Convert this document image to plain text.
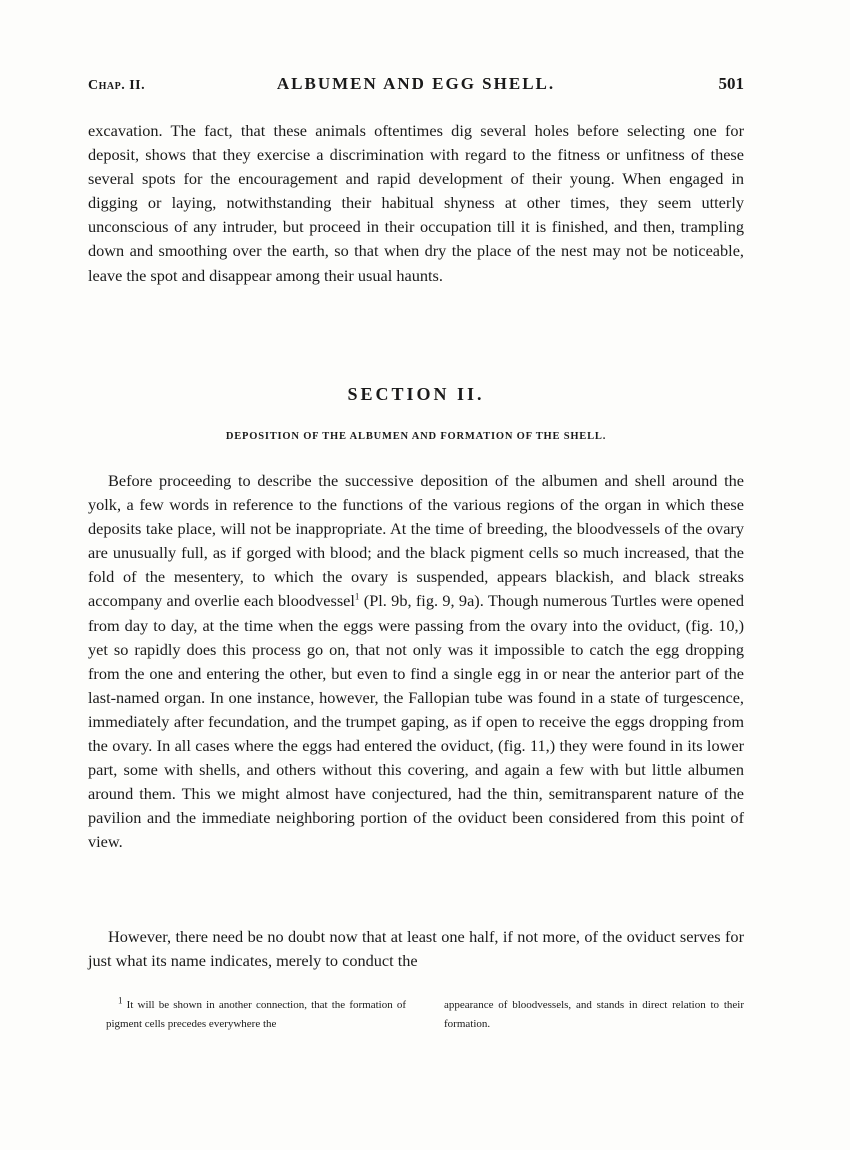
Chap. II.	ALBUMEN AND EGG SHELL.	501

excavation. The fact, that these animals oftentimes dig several holes before selecting one for deposit, shows that they exercise a discrimination with regard to the fitness or unfitness of these several spots for the encouragement and rapid development of their young. When engaged in digging or laying, notwithstanding their habitual shyness at other times, they seem utterly unconscious of any intruder, but proceed in their occupation till it is finished, and then, trampling down and smoothing over the earth, so that when dry the place of the nest may not be noticeable, leave the spot and disappear among their usual haunts.

SECTION II.
DEPOSITION OF THE ALBUMEN AND FORMATION OF THE SHELL.

Before proceeding to describe the successive deposition of the albumen and shell around the yolk, a few words in reference to the functions of the various regions of the organ in which these deposits take place, will not be inappropriate. At the time of breeding, the bloodvessels of the ovary are unusually full, as if gorged with blood; and the black pigment cells so much increased, that the fold of the mesentery, to which the ovary is suspended, appears blackish, and black streaks accompany and overlie each bloodvessel$^1$ (Pl. 9b, fig. 9, 9a). Though numerous Turtles were opened from day to day, at the time when the eggs were passing from the ovary into the oviduct, (fig. 10,) yet so rapidly does this process go on, that not only was it impossible to catch the egg dropping from the one and entering the other, but even to find a single egg in or near the anterior part of the last-named organ. In one instance, however, the Fallopian tube was found in a state of turgescence, immediately after fecundation, and the trumpet gaping, as if open to receive the eggs dropping from the ovary. In all cases where the eggs had entered the oviduct, (fig. 11,) they were found in its lower part, some with shells, and others without this covering, and again a few with but little albumen around them. This we might almost have conjectured, had the thin, semitransparent nature of the pavilion and the immediate neighboring portion of the oviduct been considered from this point of view.

However, there need be no doubt now that at least one half, if not more, of the oviduct serves for just what its name indicates, merely to conduct the

$^1$ It will be shown in another connection, that the formation of pigment cells precedes everywhere the

appearance of bloodvessels, and stands in direct relation to their formation.
